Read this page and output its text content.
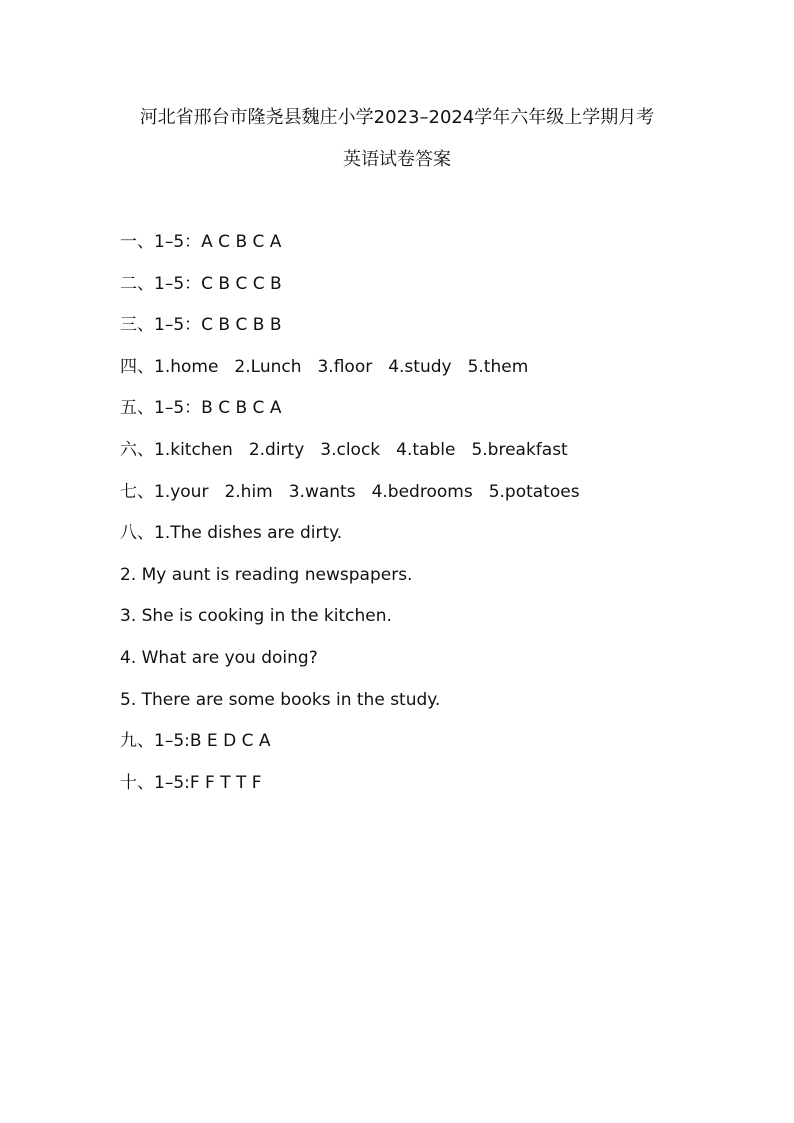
河北省邢台市隆尧县魏庄小学2023–2024学年六年级上学期月考
英语试卷答案
一、1–5：A C B C A
二、1–5：C B C C B
三、1–5：C B C B B
四、1.home 2.Lunch 3.floor 4.study 5.them
五、1–5：B C B C A
六、1.kitchen 2.dirty 3.clock 4.table 5.breakfast
七、1.your 2.him 3.wants 4.bedrooms 5.potatoes
八、1.The dishes are dirty.
2. My aunt is reading newspapers.
3. She is cooking in the kitchen.
4. What are you doing?
5. There are some books in the study.
九、1–5:B E D C A
十、1–5:F F T T F
